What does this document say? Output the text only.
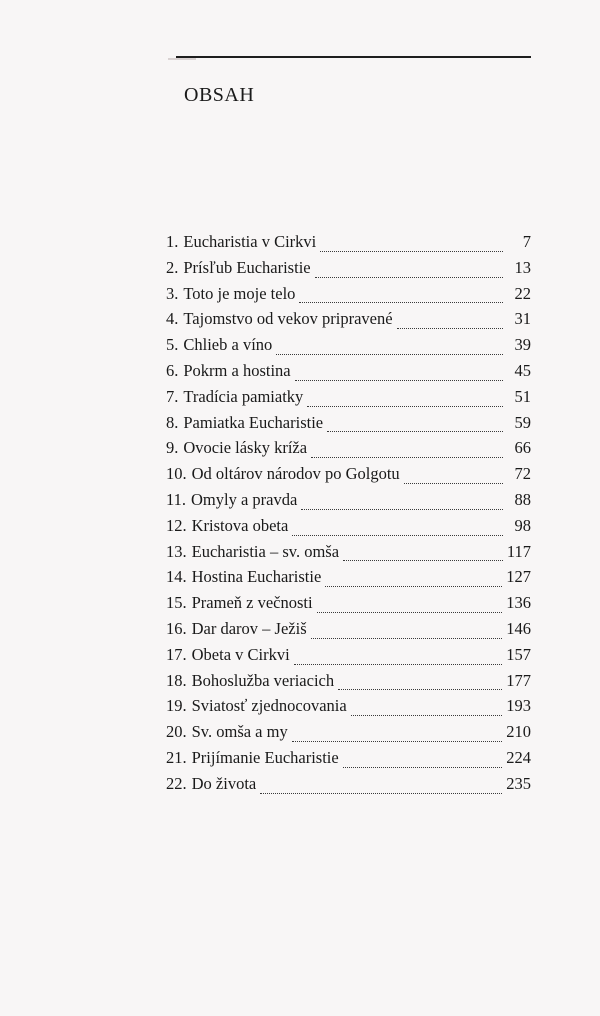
OBSAH
1. Eucharistia v Cirkvi	7
2. Prísľub Eucharistie	13
3. Toto je moje telo	22
4. Tajomstvo od vekov pripravené	31
5. Chlieb a víno	39
6. Pokrm a hostina	45
7. Tradícia pamiatky	51
8. Pamiatka Eucharistie	59
9. Ovocie lásky kríža	66
10. Od oltárov národov po Golgotu	72
11. Omyly a pravda	88
12. Kristova obeta	98
13. Eucharistia – sv. omša	117
14. Hostina Eucharistie	127
15. Prameň z večnosti	136
16. Dar darov – Ježiš	146
17. Obeta v Cirkvi	157
18. Bohoslužba veriacich	177
19. Sviatosť zjednocovania	193
20. Sv. omša a my	210
21. Prijímanie Eucharistie	224
22. Do života	235
